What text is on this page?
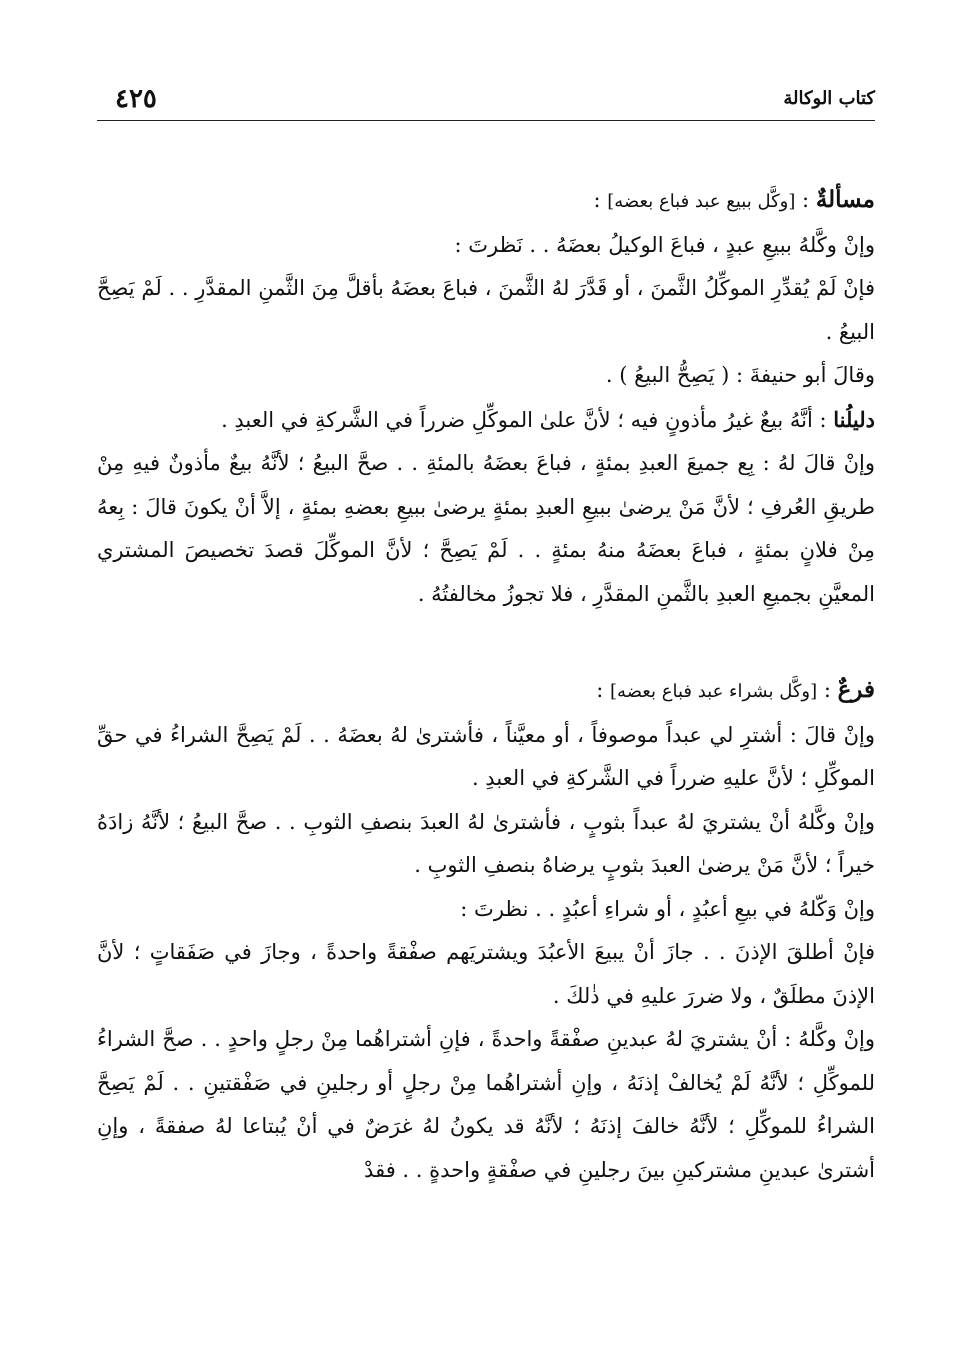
كتاب الوكالة
٤٢٥

مسألةٌ : [وكَّل ببيع عبد فباع بعضه] :

وإنْ وكَّلهُ ببيعِ عبدٍ ، فباعَ الوكيلُ بعضَهُ . . نَظرتَ :

فإنْ لَمْ يُقدِّرِ الموكِّلُ الثَّمنَ ، أو قَدَّرَ لهُ الثَّمنَ ، فباعَ بعضَهُ بأقلَّ مِنَ الثَّمنِ المقدَّرِ . . لَمْ يَصِحَّ البيعُ .

وقالَ أبو حنيفةَ : ( يَصِحُّ البيعُ ) .

دليلُنا : أنَّهُ بيعٌ غيرُ مأذونٍ فيه ؛ لأنَّ علىٰ الموكِّلِ ضرراً في الشَّركةِ في العبدِ .

وإنْ قالَ لهُ : بِع جميعَ العبدِ بمئةٍ ، فباعَ بعضَهُ بالمئةِ . . صحَّ البيعُ ؛ لأنَّهُ بيعٌ مأذونٌ فيهِ مِنْ طريقِ العُرفِ ؛ لأنَّ مَنْ يرضىٰ ببيعِ العبدِ بمئةٍ يرضىٰ ببيعِ بعضهِ بمئةٍ ، إلاَّ أنْ يكونَ قالَ : بِعهُ مِنْ فلانٍ بمئةٍ ، فباعَ بعضَهُ منهُ بمئةٍ . . لَمْ يَصِحَّ ؛ لأنَّ الموكِّلَ قصدَ تخصيصَ المشتري المعيَّنِ بجميعِ العبدِ بالثَّمنِ المقدَّرِ ، فلا تجوزُ مخالفتُهُ .

فرعٌ : [وكَّل بشراء عبد فباع بعضه] :

وإنْ قالَ : أشترِ لي عبداً موصوفاً ، أو معيَّناً ، فأشترىٰ لهُ بعضَهُ . . لَمْ يَصِحَّ الشراءُ في حقِّ الموكِّلِ ؛ لأنَّ عليهِ ضرراً في الشَّركةِ في العبدِ .

وإنْ وكَّلهُ أنْ يشتريَ لهُ عبداً بثوبٍ ، فأشترىٰ لهُ العبدَ بنصفِ الثوبِ . . صحَّ البيعُ ؛ لأنَّهُ زادَهُ خيراً ؛ لأنَّ مَنْ يرضىٰ العبدَ بثوبٍ يرضاهُ بنصفِ الثوبِ .

وإنْ وَكّلهُ في بيعِ أعبُدٍ ، أو شراءِ أعبُدٍ . . نظرتَ :

فإنْ أطلقَ الإذنَ . . جازَ أنْ يبيعَ الأعبُدَ ويشتريَهم صفْقةً واحدةً ، وجازَ في صَفَقاتٍ ؛ لأنَّ الإذنَ مطلَقٌ ، ولا ضررَ عليهِ في ذٰلكَ .

وإنْ وكَّلهُ : أنْ يشتريَ لهُ عبدينِ صفْقةً واحدةً ، فإنِ أشتراهُما مِنْ رجلٍ واحدٍ . . صحَّ الشراءُ للموكِّلِ ؛ لأنَّهُ لَمْ يُخالفْ إذنَهُ ، وإنِ أشتراهُما مِنْ رجلٍ أو رجلينِ في صَفْقتينِ . . لَمْ يَصِحَّ الشراءُ للموكِّلِ ؛ لأنَّهُ خالفَ إذنَهُ ؛ لأنَّهُ قد يكونُ لهُ غرَضٌ في أنْ يُبتاعا لهُ صفقةً ، وإنِ أشترىٰ عبدينِ مشتركينِ بينَ رجلينِ في صفْقةٍ واحدةٍ . . فقدْ
